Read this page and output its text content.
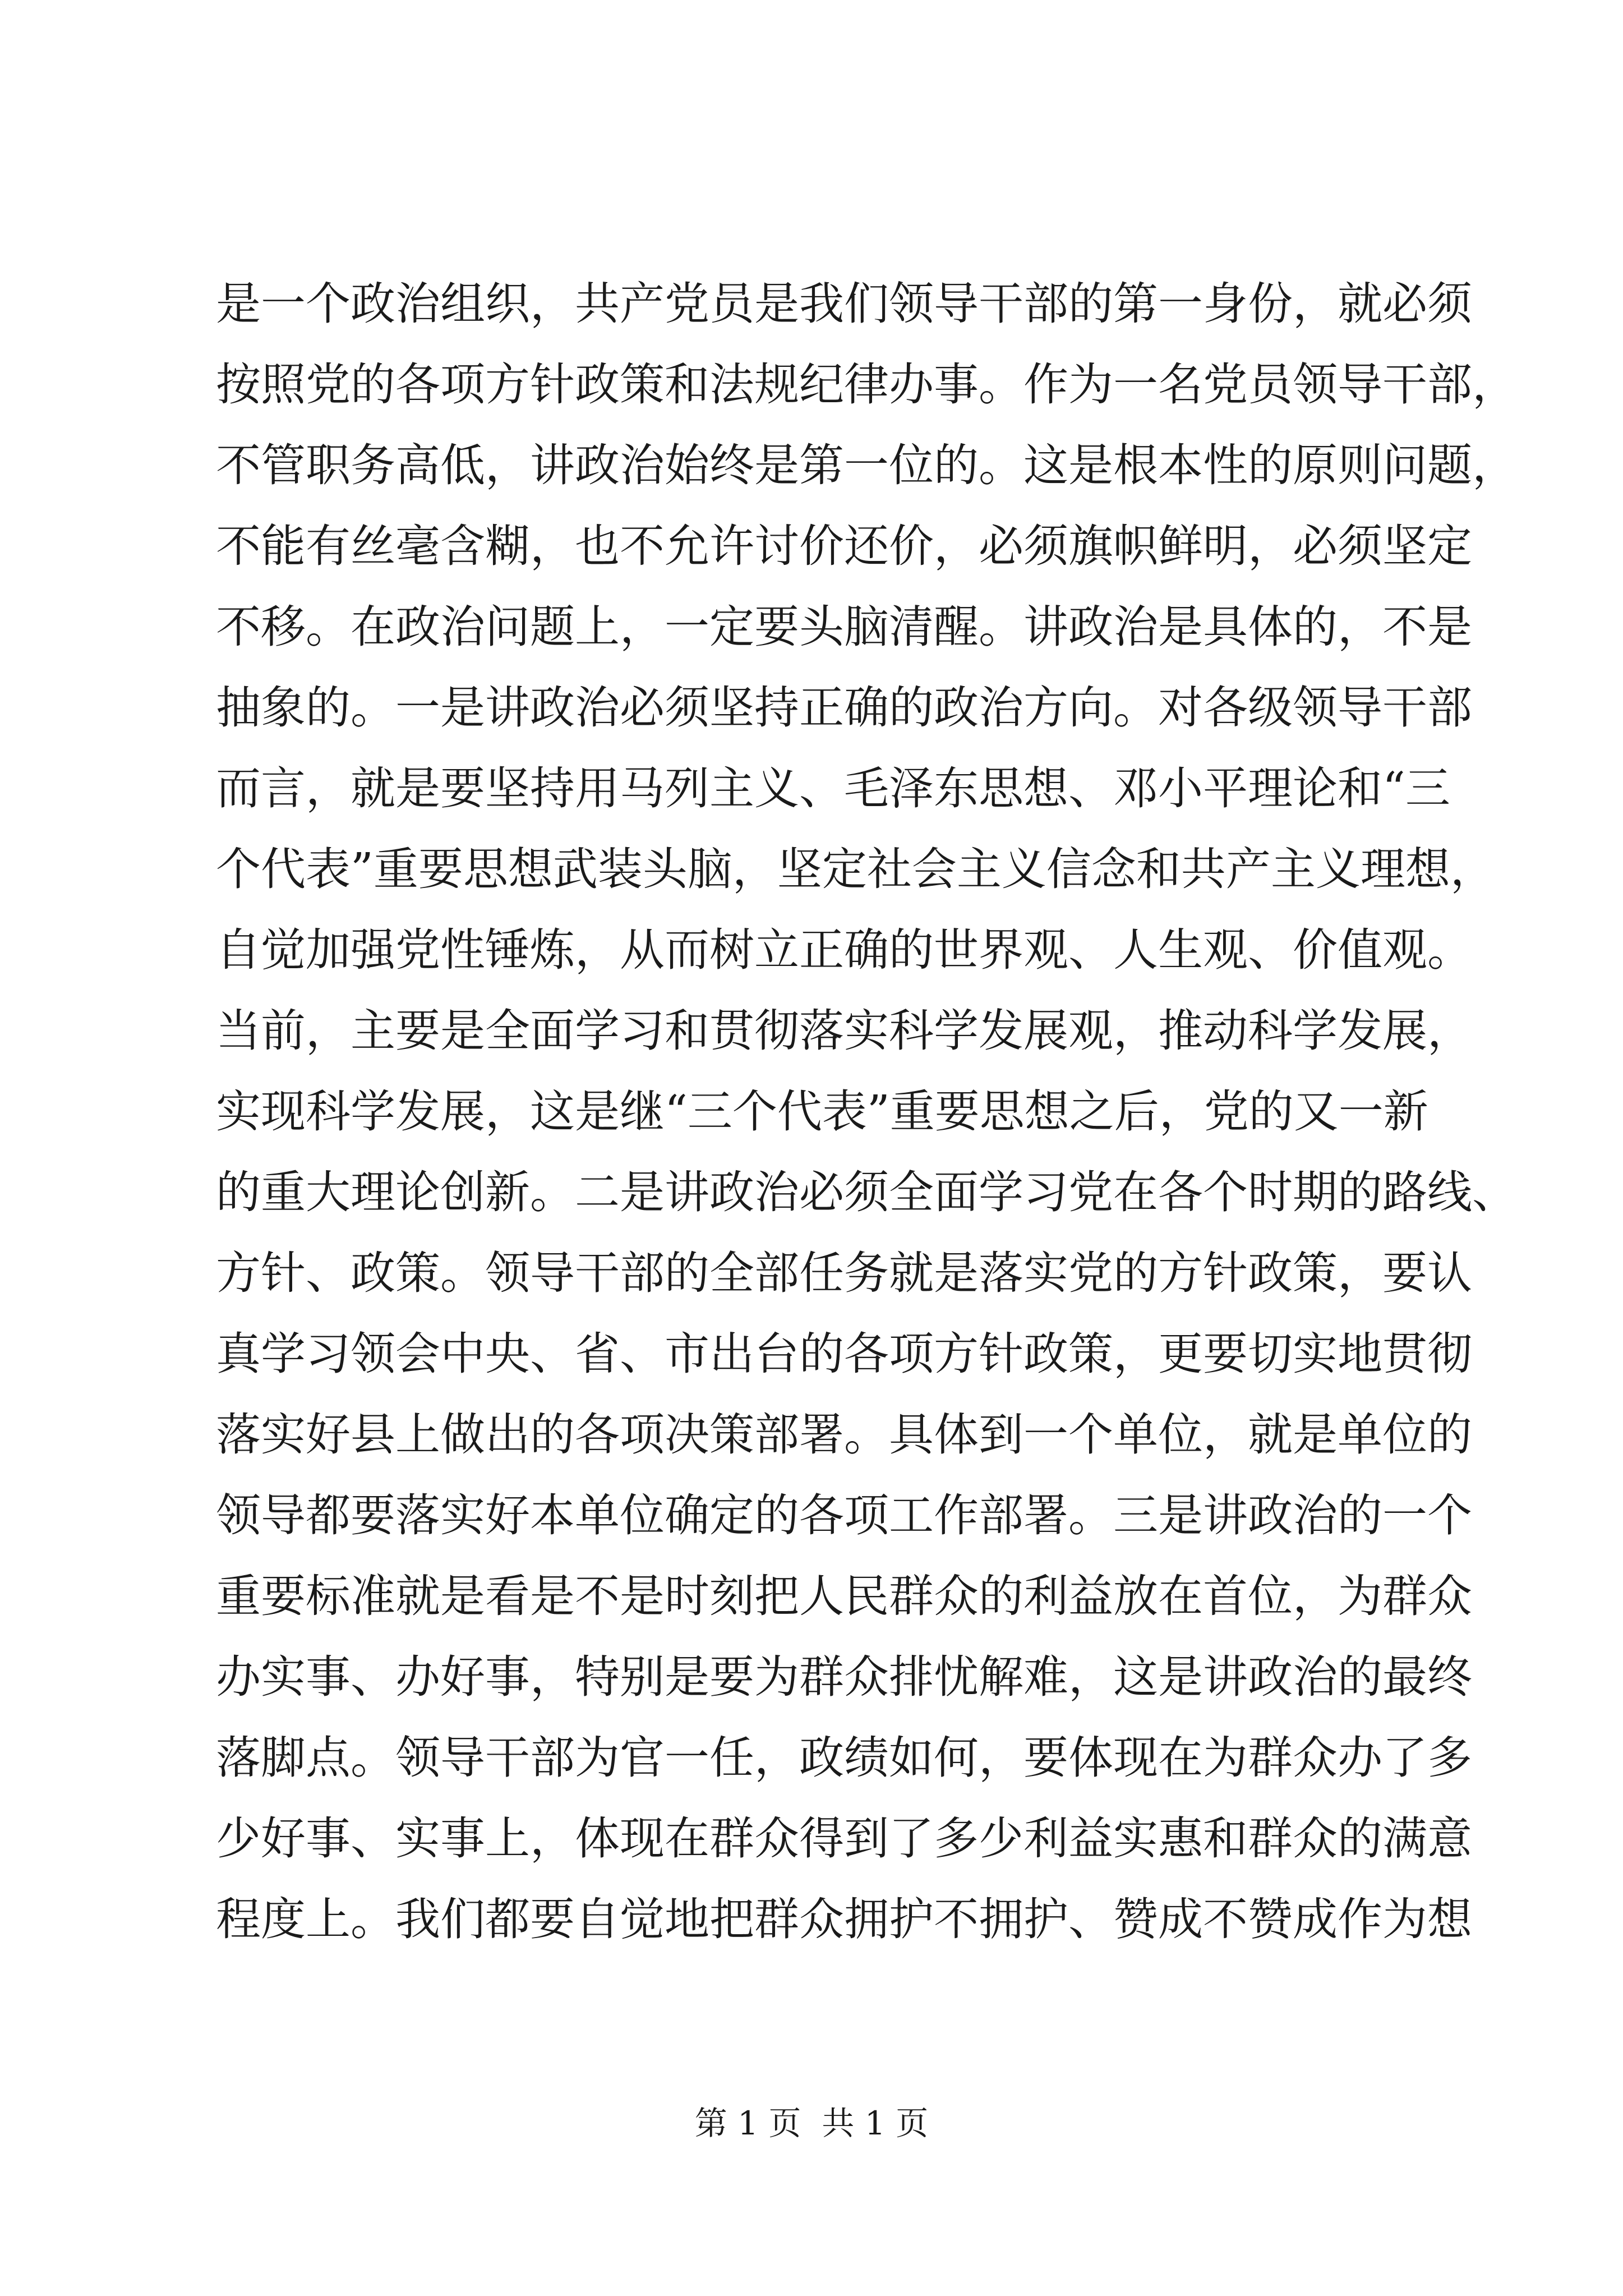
是一个政治组织，共产党员是我们领导干部的第一身份，就必须
按照党的各项方针政策和法规纪律办事。作为一名党员领导干部，
不管职务高低，讲政治始终是第一位的。这是根本性的原则问题，
不能有丝毫含糊，也不允许讨价还价，必须旗帜鲜明，必须坚定
不移。在政治问题上，一定要头脑清醒。讲政治是具体的，不是
抽象的。一是讲政治必须坚持正确的政治方向。对各级领导干部
而言，就是要坚持用马列主义、毛泽东思想、邓小平理论和“三
个代表”重要思想武装头脑，坚定社会主义信念和共产主义理想，
自觉加强党性锤炼，从而树立正确的世界观、人生观、价值观。
当前，主要是全面学习和贯彻落实科学发展观，推动科学发展，
实现科学发展，这是继“三个代表”重要思想之后，党的又一新
的重大理论创新。二是讲政治必须全面学习党在各个时期的路线、
方针、政策。领导干部的全部任务就是落实党的方针政策，要认
真学习领会中央、省、市出台的各项方针政策，更要切实地贯彻
落实好县上做出的各项决策部署。具体到一个单位，就是单位的
领导都要落实好本单位确定的各项工作部署。三是讲政治的一个
重要标准就是看是不是时刻把人民群众的利益放在首位，为群众
办实事、办好事，特别是要为群众排忧解难，这是讲政治的最终
落脚点。领导干部为官一任，政绩如何，要体现在为群众办了多
少好事、实事上，体现在群众得到了多少利益实惠和群众的满意
程度上。我们都要自觉地把群众拥护不拥护、赞成不赞成作为想
第 1 页  共 1 页
